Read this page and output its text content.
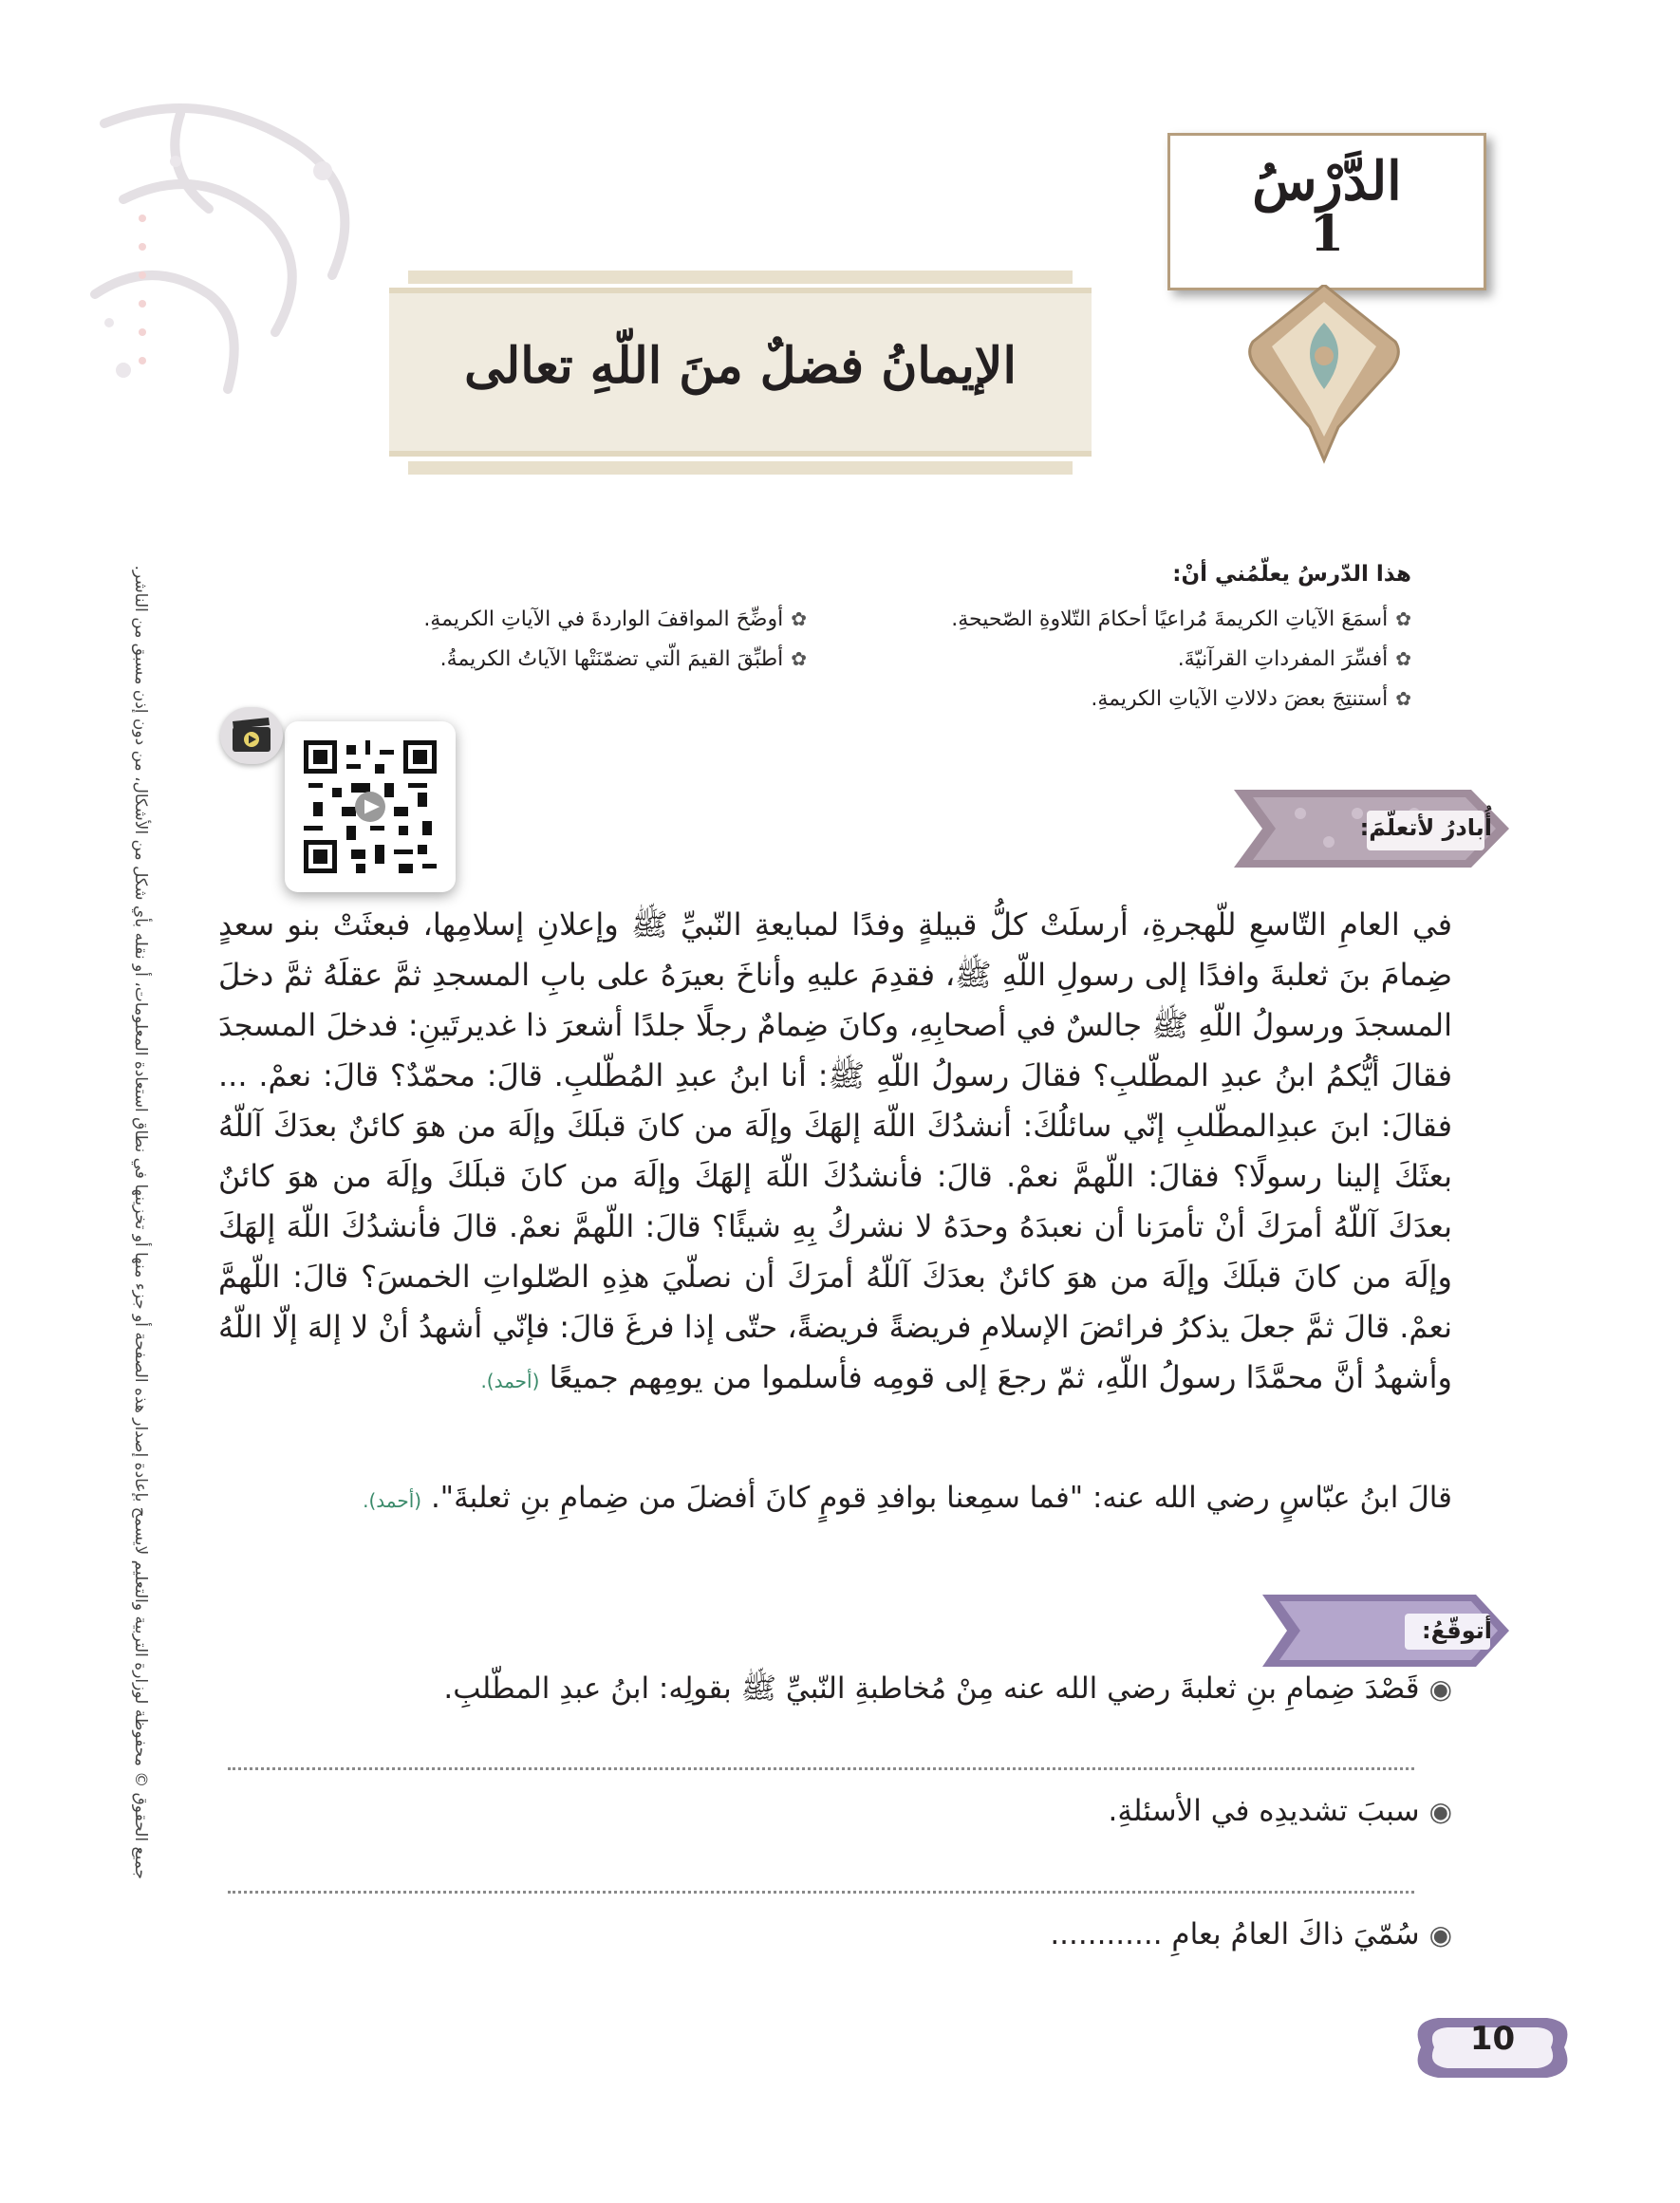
جميع الحقوق © محفوظة لوزارة التربية والتعليم لايسمح بإعادة إصدار هذه الصفحة أو جزء منها أو تخزينها في نطاق استعادة المعلومات، أو نقله بأي شكل من الأشكال، من دون إذن مسبق من الناشر.
الدَّرْسُ
1
الإيمانُ فضلٌ منَ اللّهِ تعالى
هذا الدّرسُ يعلّمُني أنْ:
✿أسمَعَ الآياتِ الكريمةَ مُراعيًا أحكامَ التّلاوةِ الصّحيحةِ.
✿أفسِّرَ المفرداتِ القرآنيّةَ.
✿أستنتِجَ بعضَ دلالاتِ الآياتِ الكريمةِ.
✿أوضِّحَ المواقفَ الواردةَ في الآياتِ الكريمةِ.
✿أطبِّقَ القيمَ الّتي تضمّنَتْها الآياتُ الكريمةُ.
أُبادرُ لأتعلّمَ:
في العامِ التّاسعِ للّهجرةِ، أرسلَتْ كلُّ قبيلةٍ وفدًا لمبايعةِ النّبيِّ ﷺ وإعلانِ إسلامِها، فبعثَتْ بنو سعدٍ ضِمامَ بنَ ثعلبةَ وافدًا إلى رسولِ اللّهِ ﷺ، فقدِمَ عليهِ وأناخَ بعيرَهُ على بابِ المسجدِ ثمَّ عقلَهُ ثمَّ دخلَ المسجدَ ورسولُ اللّهِ ﷺ جالسٌ في أصحابِهِ، وكانَ ضِمامٌ رجلًا جلدًا أشعرَ ذا غديرتَينِ: فدخلَ المسجدَ فقالَ أيُّكمُ ابنُ عبدِ المطّلبِ؟ فقالَ رسولُ اللّهِ ﷺ: أنا ابنُ عبدِ المُطّلبِ. قالَ: محمّدٌ؟ قالَ: نعمْ. ... فقالَ: ابنَ عبدِالمطّلبِ إنّي سائلُكَ: أنشدُكَ اللّهَ إلهَكَ وإلَهَ من كانَ قبلَكَ وإلَهَ من هوَ كائنٌ بعدَكَ آللّهُ بعثَكَ إلينا رسولًا؟ فقالَ: اللّهمَّ نعمْ. قالَ: فأنشدُكَ اللّهَ إلهَكَ وإلَهَ من كانَ قبلَكَ وإلَهَ من هوَ كائنٌ بعدَكَ آللّهُ أمرَكَ أنْ تأمرَنا أن نعبدَهُ وحدَهُ لا نشركُ بِهِ شيئًا؟ قالَ: اللّهمَّ نعمْ. قالَ فأنشدُكَ اللّهَ إلهَكَ وإلَهَ من كانَ قبلَكَ وإلَهَ من هوَ كائنٌ بعدَكَ آللّهُ أمرَكَ أن نصلّيَ هذِهِ الصّلواتِ الخمسَ؟ قالَ: اللّهمَّ نعمْ. قالَ ثمَّ جعلَ يذكرُ فرائضَ الإسلامِ فريضةً فريضةً، حتّى إذا فرغَ قالَ: فإنّي أشهدُ أنْ لا إلهَ إلّا اللّهُ وأشهدُ أنَّ محمَّدًا رسولُ اللّهِ، ثمّ رجعَ إلى قومِه فأسلموا من يومِهم جميعًا (أحمد).
قالَ ابنُ عبّاسٍ رضي الله عنه: "فما سمِعنا بوافدِ قومٍ كانَ أفضلَ من ضِمامِ بنِ ثعلبةَ". (أحمد).
أتوقّعُ:
◉قَصْدَ ضِمامِ بنِ ثعلبةَ رضي الله عنه مِنْ مُخاطبةِ النّبيِّ ﷺ بقولِه: ابنُ عبدِ المطّلبِ.
◉سببَ تشديدِه في الأسئلةِ.
◉سُمّيَ ذاكَ العامُ بعامِ ............
10
